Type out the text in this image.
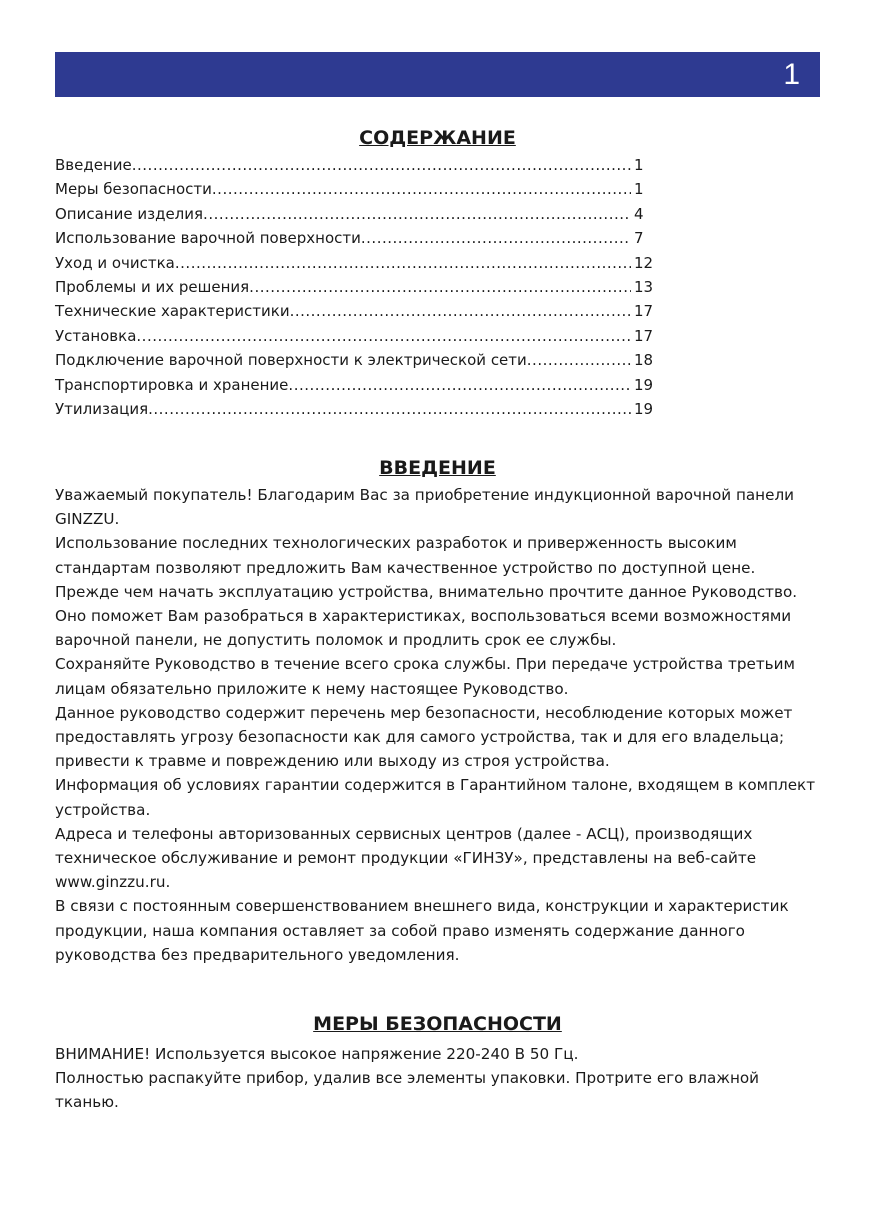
1
СОДЕРЖАНИЕ
Введение .....	1
Меры безопасности .....	1
Описание изделия .....	4
Использование варочной поверхности .....	7
Уход и очистка .....	12
Проблемы и их решения .....	13
Технические характеристики .....	17
Установка .....	17
Подключение варочной поверхности к электрической сети .....	18
Транспортировка и хранение .....	19
Утилизация .....	19
ВВЕДЕНИЕ

Уважаемый покупатель! Благодарим Вас за приобретение индукционной варочной панели GINZZU.

Использование последних технологических разработок и приверженность высоким стандартам позволяют предложить Вам качественное устройство по доступной цене.

Прежде чем начать эксплуатацию устройства, внимательно прочтите данное Руководство. Оно поможет Вам разобраться в характеристиках, воспользоваться всеми возможностями варочной панели, не допустить поломок и продлить срок ее службы.

Сохраняйте Руководство в течение всего срока службы. При передаче устройства третьим лицам обязательно приложите к нему настоящее Руководство.

Данное руководство содержит перечень мер безопасности, несоблюдение которых может предоставлять угрозу безопасности как для самого устройства, так и для его владельца; привести к травме и повреждению или выходу из строя устройства.

Информация об условиях гарантии содержится в Гарантийном талоне, входящем в комплект устройства.

Адреса и телефоны авторизованных сервисных центров (далее - АСЦ), производящих техническое обслуживание и ремонт продукции «ГИНЗУ», представлены на веб-сайте www.ginzzu.ru.

В связи с постоянным совершенствованием внешнего вида, конструкции и характеристик продукции, наша компания оставляет за собой право изменять содержание данного руководства без предварительного уведомления.

МЕРЫ БЕЗОПАСНОСТИ

ВНИМАНИЕ! Используется высокое напряжение 220-240 В 50 Гц.

Полностью распакуйте прибор, удалив все элементы упаковки. Протрите его влажной тканью.
